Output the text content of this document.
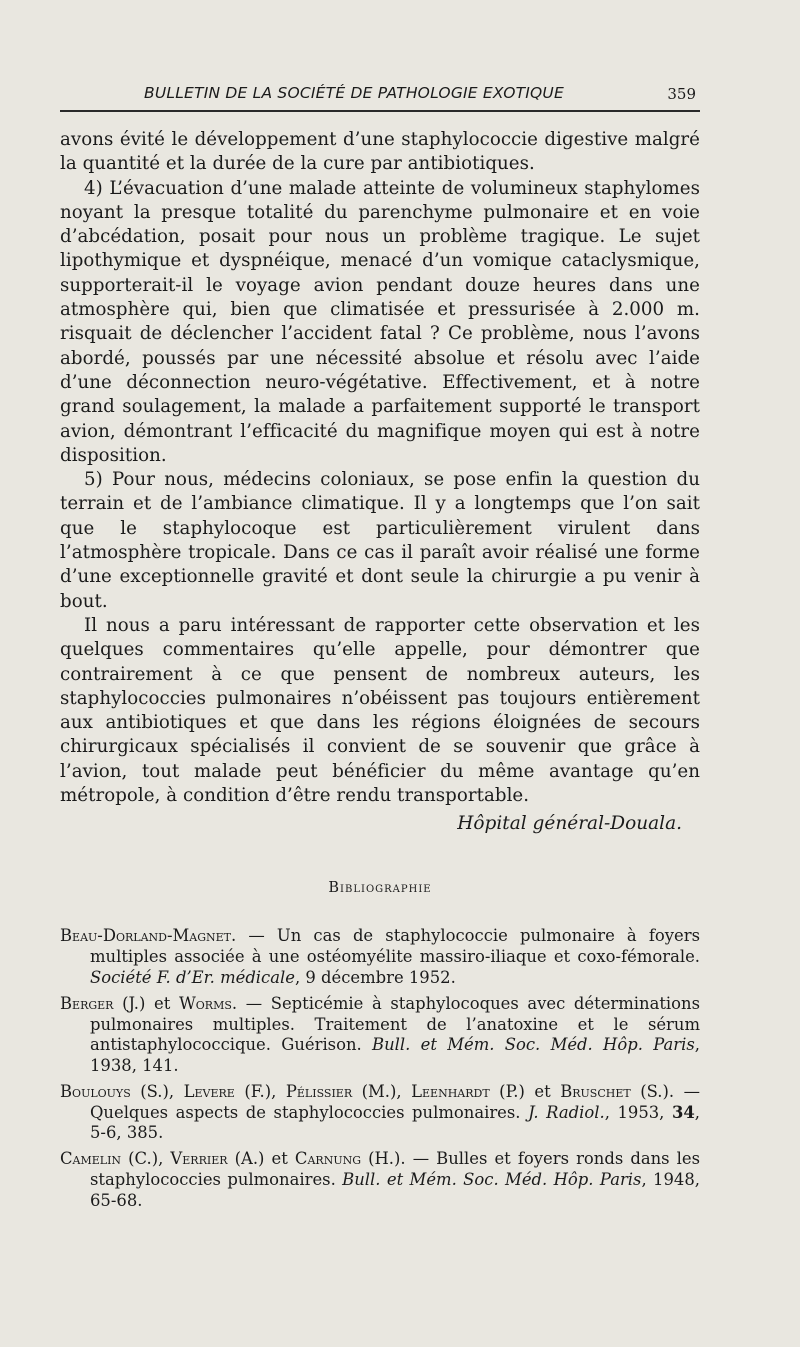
BULLETIN DE LA SOCIÉTÉ DE PATHOLOGIE EXOTIQUE	359

avons évité le développement d’une staphylococcie digestive malgré la quantité et la durée de la cure par antibiotiques.

4) L’évacuation d’une malade atteinte de volumineux staphylomes noyant la presque totalité du parenchyme pulmonaire et en voie d’abcédation, posait pour nous un problème tragique. Le sujet lipothymique et dyspnéique, menacé d’un vomique cataclysmique, supporterait-il le voyage avion pendant douze heures dans une atmosphère qui, bien que climatisée et pressurisée à 2.000 m. risquait de déclencher l’accident fatal ? Ce problème, nous l’avons abordé, poussés par une nécessité absolue et résolu avec l’aide d’une déconnection neuro-végétative. Effectivement, et à notre grand soulagement, la malade a parfaitement supporté le transport avion, démontrant l’efficacité du magnifique moyen qui est à notre disposition.

5) Pour nous, médecins coloniaux, se pose enfin la question du terrain et de l’ambiance climatique. Il y a longtemps que l’on sait que le staphylocoque est particulièrement virulent dans l’atmosphère tropicale. Dans ce cas il paraît avoir réalisé une forme d’une exceptionnelle gravité et dont seule la chirurgie a pu venir à bout.

Il nous a paru intéressant de rapporter cette observation et les quelques commentaires qu’elle appelle, pour démontrer que contrairement à ce que pensent de nombreux auteurs, les staphylococcies pulmonaires n’obéissent pas toujours entièrement aux antibiotiques et que dans les régions éloignées de secours chirurgicaux spécialisés il convient de se souvenir que grâce à l’avion, tout malade peut bénéficier du même avantage qu’en métropole, à condition d’être rendu transportable.

Hôpital général-Douala.
Bibliographie
Beau-Dorland-Magnet. — Un cas de staphylococcie pulmonaire à foyers multiples associée à une ostéomyélite massiro-iliaque et coxo-fémorale. Société F. d’Er. médicale, 9 décembre 1952.
Berger (J.) et Worms. — Septicémie à staphylocoques avec déterminations pulmonaires multiples. Traitement de l’anatoxine et le sérum antistaphylococcique. Guérison. Bull. et Mém. Soc. Méd. Hôp. Paris, 1938, 141.
Boulouys (S.), Levere (F.), Pélissier (M.), Leenhardt (P.) et Bruschet (S.). — Quelques aspects de staphylococcies pulmonaires. J. Radiol., 1953, 34, 5-6, 385.
Camelin (C.), Verrier (A.) et Carnung (H.). — Bulles et foyers ronds dans les staphylococcies pulmonaires. Bull. et Mém. Soc. Méd. Hôp. Paris, 1948, 65-68.
